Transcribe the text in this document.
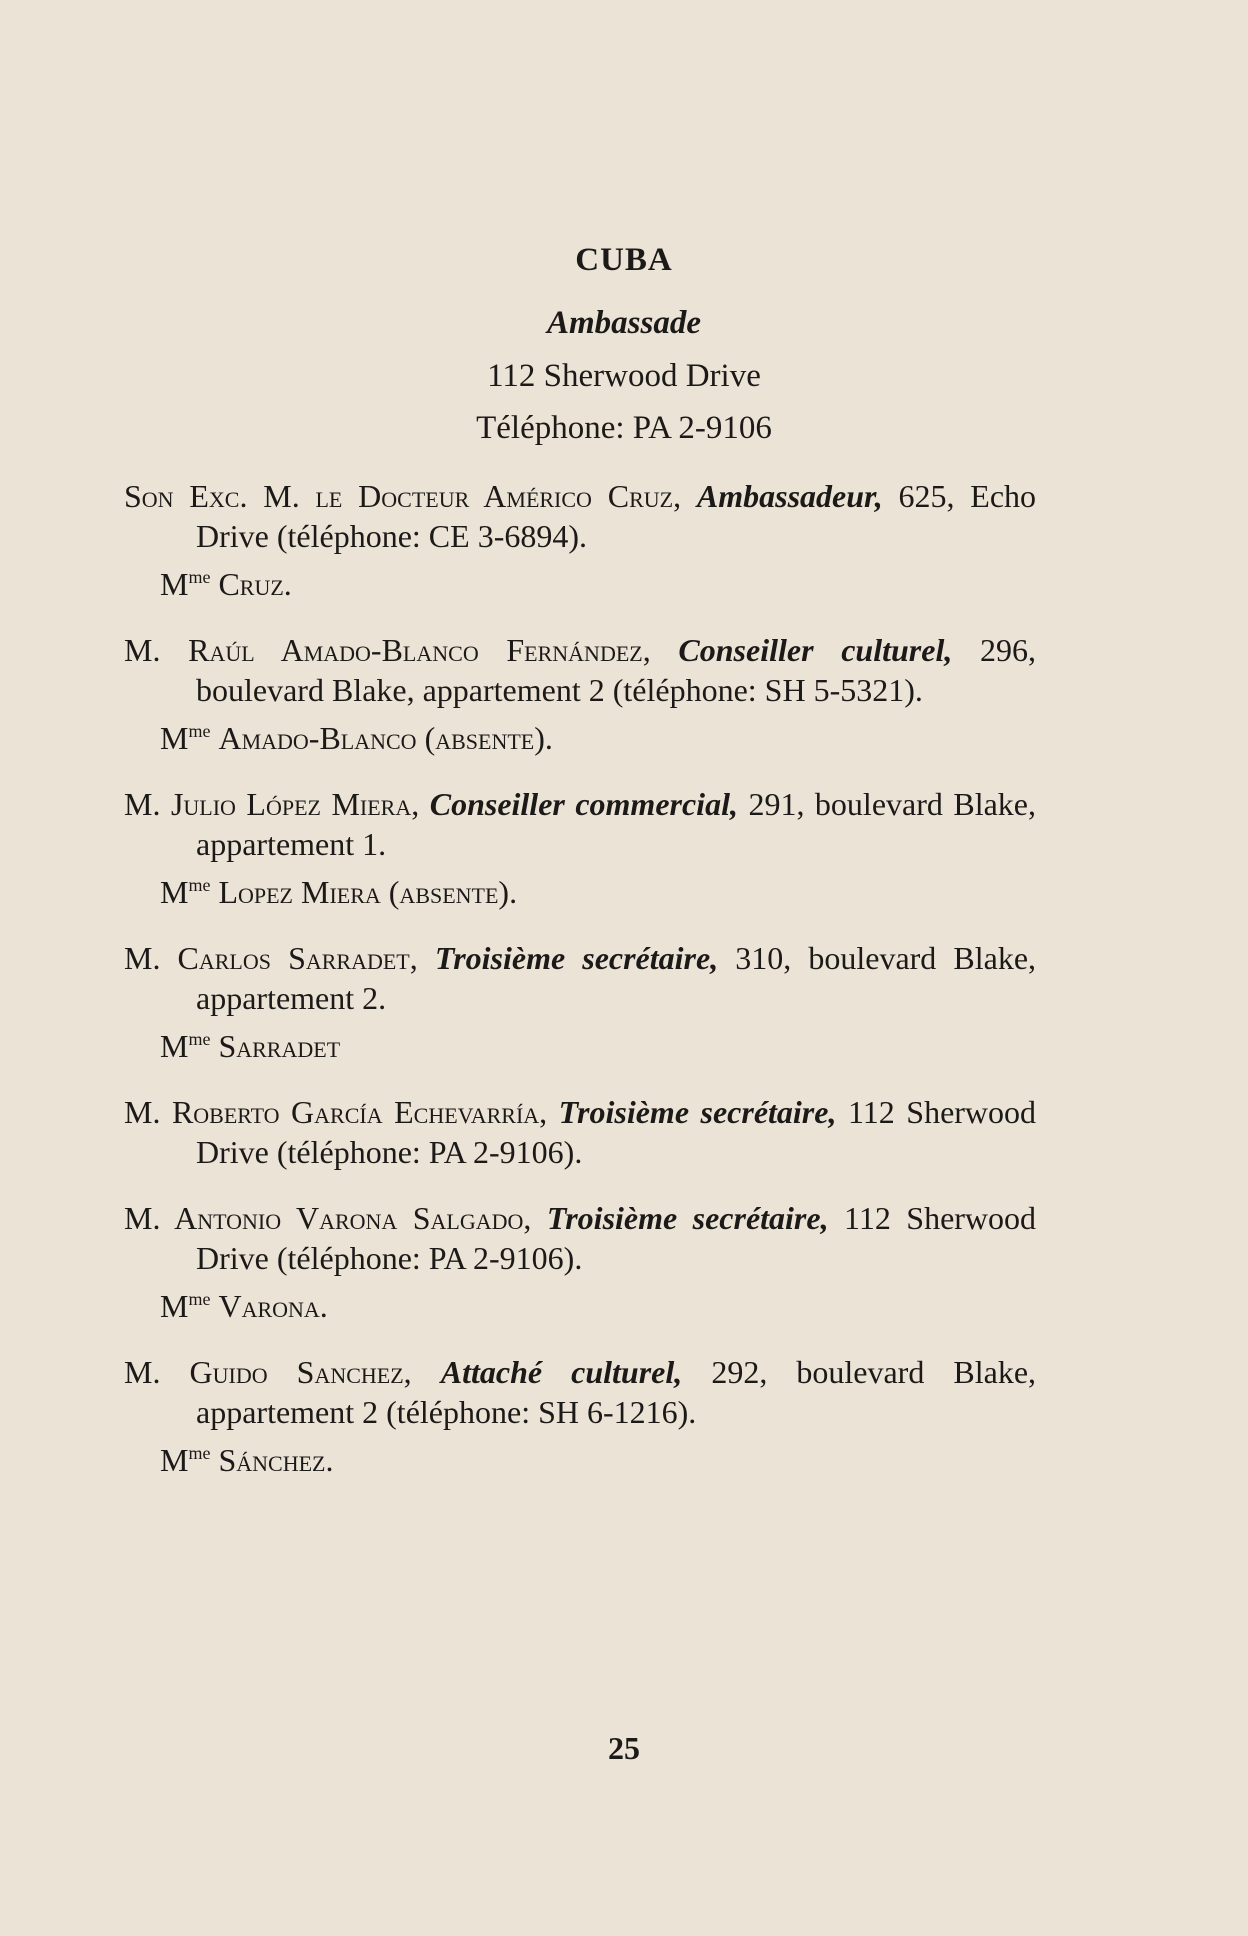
CUBA
Ambassade
112 Sherwood Drive
Téléphone: PA 2-9106
Son Exc. M. le Docteur Américo Cruz, Ambassadeur, 625, Echo Drive (téléphone: CE 3-6894).
$M^{me}$ Cruz.
M. Raúl Amado-Blanco Fernández, Conseiller culturel, 296, boulevard Blake, appartement 2 (téléphone: SH 5-5321).
$M^{me}$ Amado-Blanco (absente).
M. Julio López Miera, Conseiller commercial, 291, boulevard Blake, appartement 1.
$M^{me}$ Lopez Miera (absente).
M. Carlos Sarradet, Troisième secrétaire, 310, boulevard Blake, appartement 2.
$M^{me}$ Sarradet
M. Roberto García Echevarría, Troisième secrétaire, 112 Sherwood Drive (téléphone: PA 2-9106).
M. Antonio Varona Salgado, Troisième secrétaire, 112 Sherwood Drive (téléphone: PA 2-9106).
$M^{me}$ Varona.
M. Guido Sanchez, Attaché culturel, 292, boulevard Blake, appartement 2 (téléphone: SH 6-1216).
$M^{me}$ Sánchez.
25
